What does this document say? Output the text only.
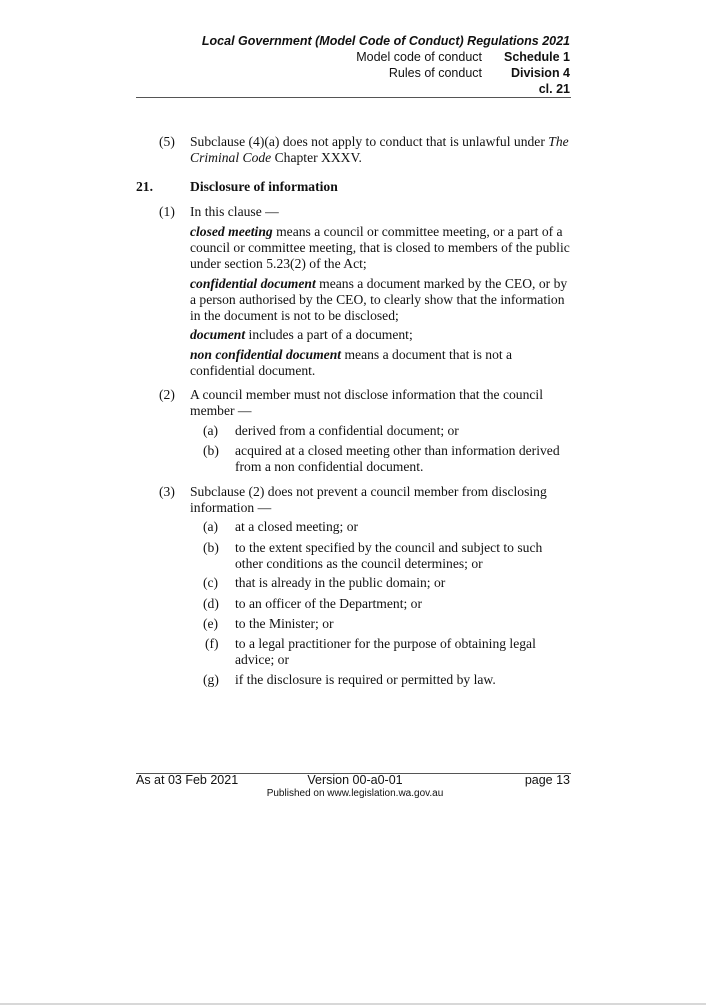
Local Government (Model Code of Conduct) Regulations 2021
Model code of conduct Schedule 1
Rules of conduct Division 4
cl. 21
(5) Subclause (4)(a) does not apply to conduct that is unlawful under The
Criminal Code Chapter XXXV.
21.	Disclosure of information
(1) In this clause —
closed meeting means a council or committee meeting, or a part of a
council or committee meeting, that is closed to members of the public
under section 5.23(2) of the Act;
confidential document means a document marked by the CEO, or by
a person authorised by the CEO, to clearly show that the information
in the document is not to be disclosed;
document includes a part of a document;
non confidential document means a document that is not a
confidential document.
(2) A council member must not disclose information that the council
member —
(a) derived from a confidential document; or
(b) acquired at a closed meeting other than information derived
from a non confidential document.
(3) Subclause (2) does not prevent a council member from disclosing
information —
(a) at a closed meeting; or
(b) to the extent specified by the council and subject to such
other conditions as the council determines; or
(c) that is already in the public domain; or
(d) to an officer of the Department; or
(e) to the Minister; or
(f) to a legal practitioner for the purpose of obtaining legal
advice; or
(g) if the disclosure is required or permitted by law.
As at 03 Feb 2021	Version 00-a0-01	page 13
Published on www.legislation.wa.gov.au
